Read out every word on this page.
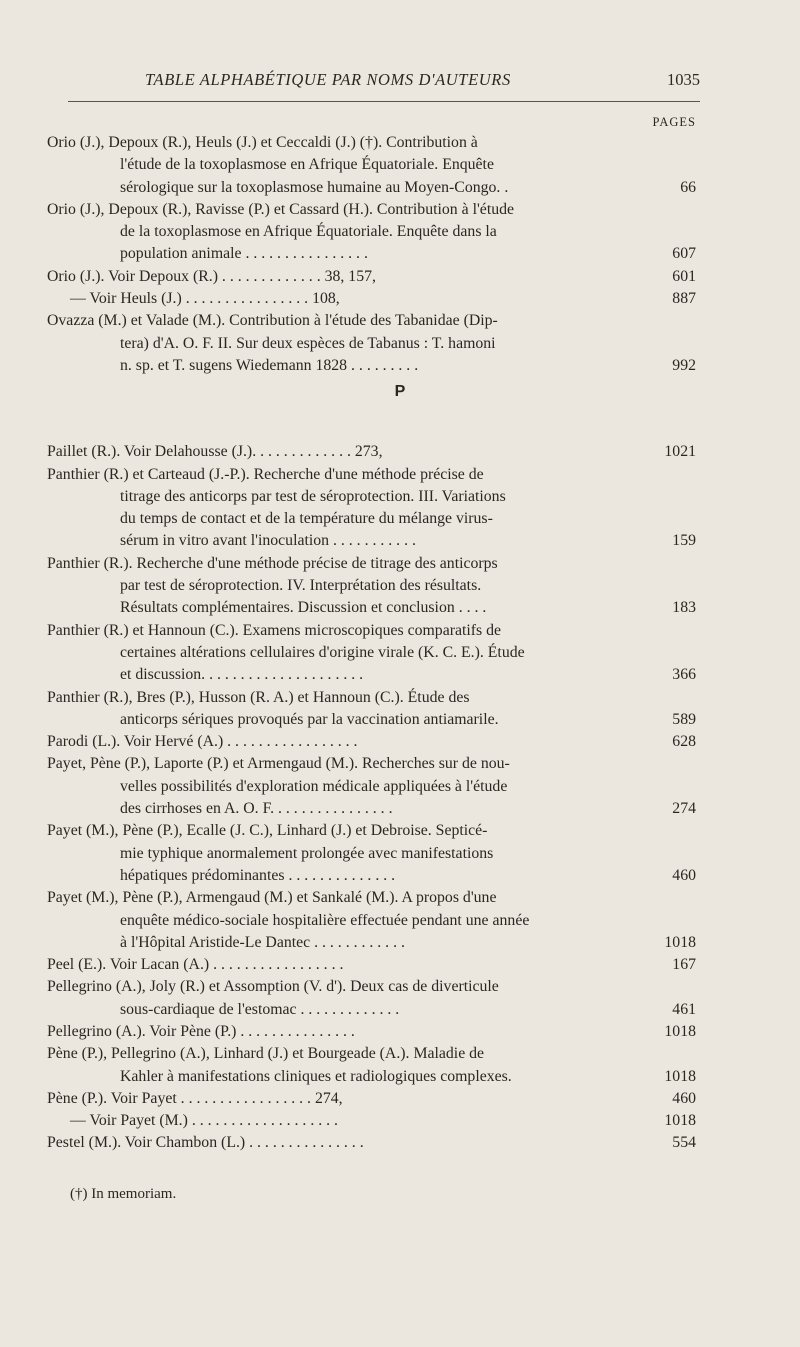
TABLE ALPHABÉTIQUE PAR NOMS D'AUTEURS	1035
PAGES
Orio (J.), Depoux (R.), Heuls (J.) et Ceccaldi (J.) (†). Contribution à
l'étude de la toxoplasmose en Afrique Équatoriale. Enquête
sérologique sur la toxoplasmose humaine au Moyen-Congo. .	66
Orio (J.), Depoux (R.), Ravisse (P.) et Cassard (H.). Contribution à l'étude
de la toxoplasmose en Afrique Équatoriale. Enquête dans la
population animale . . . . . . . . . . . . . . . .	607
Orio (J.). Voir Depoux (R.) . . . . . . . . . . . . . 38, 157,	601
— Voir Heuls (J.) . . . . . . . . . . . . . . . . 108,	887
Ovazza (M.) et Valade (M.). Contribution à l'étude des Tabanidae (Dip-
tera) d'A. O. F. II. Sur deux espèces de Tabanus : T. hamoni
n. sp. et T. sugens Wiedemann 1828 . . . . . . . . .	992
P
Paillet (R.). Voir Delahousse (J.). . . . . . . . . . . . . 273,	1021
Panthier (R.) et Carteaud (J.-P.). Recherche d'une méthode précise de
titrage des anticorps par test de séroprotection. III. Variations
du temps de contact et de la température du mélange virus-
sérum in vitro avant l'inoculation . . . . . . . . . . .	159
Panthier (R.). Recherche d'une méthode précise de titrage des anticorps
par test de séroprotection. IV. Interprétation des résultats.
Résultats complémentaires. Discussion et conclusion . . . .	183
Panthier (R.) et Hannoun (C.). Examens microscopiques comparatifs de
certaines altérations cellulaires d'origine virale (K. C. E.). Étude
et discussion. . . . . . . . . . . . . . . . . . . . .	366
Panthier (R.), Bres (P.), Husson (R. A.) et Hannoun (C.). Étude des
anticorps sériques provoqués par la vaccination antiamarile.	589
Parodi (L.). Voir Hervé (A.) . . . . . . . . . . . . . . . . .	628
Payet, Pène (P.), Laporte (P.) et Armengaud (M.). Recherches sur de nou-
velles possibilités d'exploration médicale appliquées à l'étude
des cirrhoses en A. O. F. . . . . . . . . . . . . . . .	274
Payet (M.), Pène (P.), Ecalle (J. C.), Linhard (J.) et Debroise. Septicé-
mie typhique anormalement prolongée avec manifestations
hépatiques prédominantes . . . . . . . . . . . . . .	460
Payet (M.), Pène (P.), Armengaud (M.) et Sankalé (M.). A propos d'une
enquête médico-sociale hospitalière effectuée pendant une année
à l'Hôpital Aristide-Le Dantec . . . . . . . . . . . .	1018
Peel (E.). Voir Lacan (A.) . . . . . . . . . . . . . . . . .	167
Pellegrino (A.), Joly (R.) et Assomption (V. d'). Deux cas de diverticule
sous-cardiaque de l'estomac . . . . . . . . . . . . .	461
Pellegrino (A.). Voir Pène (P.) . . . . . . . . . . . . . . .	1018
Pène (P.), Pellegrino (A.), Linhard (J.) et Bourgeade (A.). Maladie de
Kahler à manifestations cliniques et radiologiques complexes.	1018
Pène (P.). Voir Payet . . . . . . . . . . . . . . . . . 274,	460
— Voir Payet (M.) . . . . . . . . . . . . . . . . . . .	1018
Pestel (M.). Voir Chambon (L.) . . . . . . . . . . . . . . .	554
(†) In memoriam.
